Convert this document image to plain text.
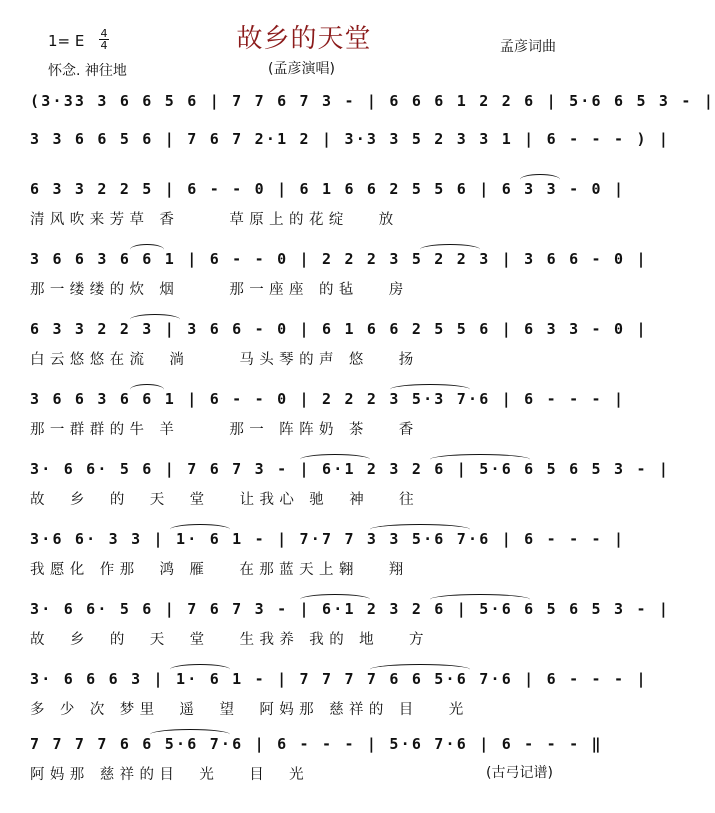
故乡的天堂
1= E 4
4	孟彦词曲
怀念. 神往地	(孟彦演唱)
(3·33 3 6 6 5 6 | 7 7 6 7 3 - | 6 6 6 1 2 2 6 | 5·6 6 5 3 - |
3 3 6 6 5 6 | 7 6 7 2·1 2 | 3·3 3 5 2 3 3 1 | 6 - - - ) |
6 3 3 2 2 5 | 6 - - 0 | 6 1 6 6 2 5 5 6 | 6 3 3 - 0 |
清风吹来芳草 香     草原上的花绽   放
3 6 6 3 6 6 1 | 6 - - 0 | 2 2 2 3 5 2 2 3 | 3 6 6 - 0 |
那一缕缕的炊 烟     那一座座 的毡   房
6 3 3 2 2 3 | 3 6 6 - 0 | 6 1 6 6 2 5 5 6 | 6 3 3 - 0 |
白云悠悠在流  淌     马头琴的声 悠   扬
3 6 6 3 6 6 1 | 6 - - 0 | 2 2 2 3 5·3 7·6 | 6 - - - |
那一群群的牛 羊     那一 阵阵奶 茶   香
3· 6 6· 5 6 | 7 6 7 3 - | 6·1 2 3 2 6 | 5·6 6 5 6 5 3 - |
故  乡  的  天  堂   让我心 驰  神   往
3·6 6· 3 3 | 1· 6 1 - | 7·7 7 3 3 5·6 7·6 | 6 - - - |
我愿化 作那  鸿 雁   在那蓝天上翱   翔
3· 6 6· 5 6 | 7 6 7 3 - | 6·1 2 3 2 6 | 5·6 6 5 6 5 3 - |
故  乡  的  天  堂   生我养 我的 地   方
3· 6 6 6 3 | 1· 6 1 - | 7 7 7 7 6 6 5·6 7·6 | 6 - - - |
多 少 次 梦里  遥  望  阿妈那 慈祥的 目   光
7 7 7 7 6 6 5·6 7·6 | 6 - - - | 5·6 7·6 | 6 - - - ‖
阿妈那 慈祥的目  光   目  光	(古弓记谱)
